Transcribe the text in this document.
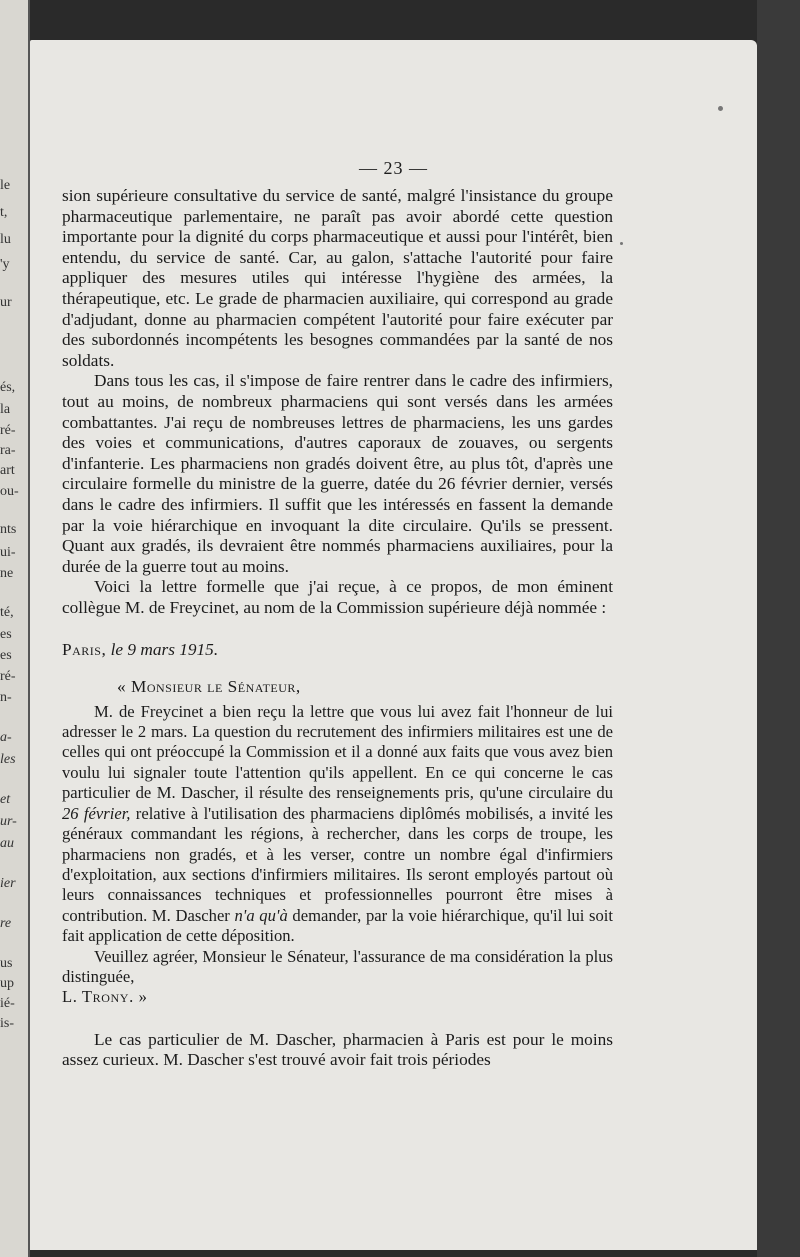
le
t,
lu
'y
ur
és,
la
ré-
ra-
art
ou-
nts
ui-
ne
té,
es
es
ré-
n-
a-
les
et
ur-
au
ier
re
us
up
ié-
is-
— 23 —

sion supérieure consultative du service de santé, malgré l'insistance du groupe pharmaceutique parlementaire, ne paraît pas avoir abordé cette question importante pour la dignité du corps pharmaceutique et aussi pour l'intérêt, bien entendu, du service de santé. Car, au galon, s'attache l'autorité pour faire appliquer des mesures utiles qui intéresse l'hygiène des armées, la thérapeutique, etc. Le grade de pharmacien auxiliaire, qui correspond au grade d'adjudant, donne au pharmacien compétent l'autorité pour faire exécuter par des subordonnés incompétents les besognes commandées par la santé de nos soldats.

Dans tous les cas, il s'impose de faire rentrer dans le cadre des infirmiers, tout au moins, de nombreux pharmaciens qui sont versés dans les armées combattantes. J'ai reçu de nombreuses lettres de pharmaciens, les uns gardes des voies et communications, d'autres caporaux de zouaves, ou sergents d'infanterie. Les pharmaciens non gradés doivent être, au plus tôt, d'après une circulaire formelle du ministre de la guerre, datée du 26 février dernier, versés dans le cadre des infirmiers. Il suffit que les intéressés en fassent la demande par la voie hiérarchique en invoquant la dite circulaire. Qu'ils se pressent. Quant aux gradés, ils devraient être nommés pharmaciens auxiliaires, pour la durée de la guerre tout au moins.

Voici la lettre formelle que j'ai reçue, à ce propos, de mon éminent collègue M. de Freycinet, au nom de la Commission supérieure déjà nommée :

Paris, le 9 mars 1915.

« Monsieur le Sénateur,

M. de Freycinet a bien reçu la lettre que vous lui avez fait l'honneur de lui adresser le 2 mars. La question du recrutement des infirmiers militaires est une de celles qui ont préoccupé la Commission et il a donné aux faits que vous avez bien voulu lui signaler toute l'attention qu'ils appellent. En ce qui concerne le cas particulier de M. Dascher, il résulte des renseignements pris, qu'une circulaire du 26 février, relative à l'utilisation des pharmaciens diplômés mobilisés, a invité les généraux commandant les régions, à rechercher, dans les corps de troupe, les pharmaciens non gradés, et à les verser, contre un nombre égal d'infirmiers d'exploitation, aux sections d'infirmiers militaires. Ils seront employés partout où leurs connaissances techniques et professionnelles pourront être mises à contribution. M. Dascher n'a qu'à demander, par la voie hiérarchique, qu'il lui soit fait application de cette déposition.

Veuillez agréer, Monsieur le Sénateur, l'assurance de ma considération la plus distinguée,

L. Trony. »

Le cas particulier de M. Dascher, pharmacien à Paris est pour le moins assez curieux. M. Dascher s'est trouvé avoir fait trois périodes
